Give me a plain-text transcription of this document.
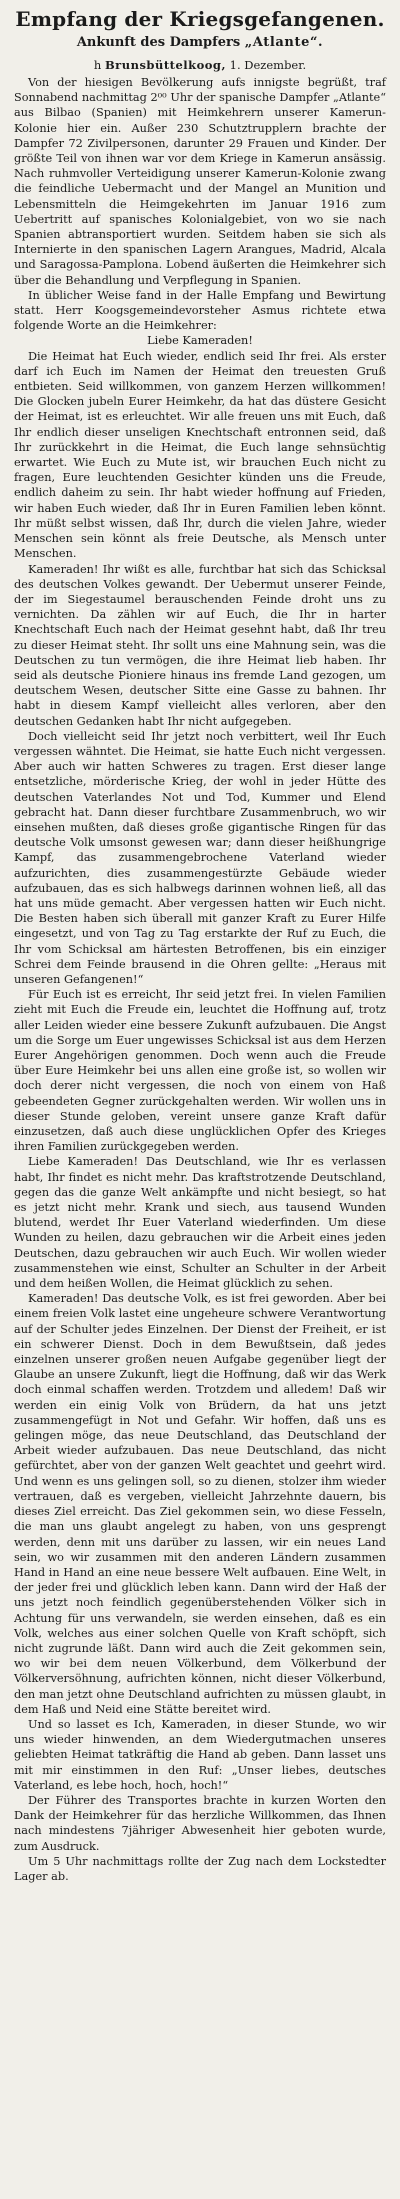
Empfang der Kriegsgefangenen.
Ankunft des Dampfers „Atlante“.
h Brunsbüttelkoog, 1. Dezember.

Von der hiesigen Bevölkerung aufs innigste begrüßt, traf Sonnabend nachmittag 2⁰⁰ Uhr der spanische Dampfer „Atlante“ aus Bilbao (Spanien) mit Heimkehrern unserer Kamerun-Kolonie hier ein. Außer 230 Schutztrupplern brachte der Dampfer 72 Zivilpersonen, darunter 29 Frauen und Kinder. Der größte Teil von ihnen war vor dem Kriege in Kamerun ansässig. Nach ruhmvoller Verteidigung unserer Kamerun-Kolonie zwang die feindliche Uebermacht und der Mangel an Munition und Lebensmitteln die Heimgekehrten im Januar 1916 zum Uebertritt auf spanisches Kolonialgebiet, von wo sie nach Spanien abtransportiert wurden. Seitdem haben sie sich als Internierte in den spanischen Lagern Arangues, Madrid, Alcala und Saragossa-Pamplona. Lobend äußerten die Heimkehrer sich über die Behandlung und Verpflegung in Spanien.

In üblicher Weise fand in der Halle Empfang und Bewirtung statt. Herr Koogsgemeindevorsteher Asmus richtete etwa folgende Worte an die Heimkehrer:

Liebe Kameraden!

Die Heimat hat Euch wieder, endlich seid Ihr frei. Als erster darf ich Euch im Namen der Heimat den treuesten Gruß entbieten. Seid willkommen, von ganzem Herzen willkommen! Die Glocken jubeln Eurer Heimkehr, da hat das düstere Gesicht der Heimat, ist es erleuchtet. Wir alle freuen uns mit Euch, daß Ihr endlich dieser unseligen Knechtschaft entronnen seid, daß Ihr zurückkehrt in die Heimat, die Euch lange sehnsüchtig erwartet. Wie Euch zu Mute ist, wir brauchen Euch nicht zu fragen, Eure leuchtenden Gesichter künden uns die Freude, endlich daheim zu sein. Ihr habt wieder hoffnung auf Frieden, wir haben Euch wieder, daß Ihr in Euren Familien leben könnt. Ihr müßt selbst wissen, daß Ihr, durch die vielen Jahre, wieder Menschen sein könnt als freie Deutsche, als Mensch unter Menschen.

Kameraden! Ihr wißt es alle, furchtbar hat sich das Schicksal des deutschen Volkes gewandt. Der Uebermut unserer Feinde, der im Siegestaumel berauschenden Feinde droht uns zu vernichten. Da zählen wir auf Euch, die Ihr in harter Knechtschaft Euch nach der Heimat gesehnt habt, daß Ihr treu zu dieser Heimat steht. Ihr sollt uns eine Mahnung sein, was die Deutschen zu tun vermögen, die ihre Heimat lieb haben. Ihr seid als deutsche Pioniere hinaus ins fremde Land gezogen, um deutschem Wesen, deutscher Sitte eine Gasse zu bahnen. Ihr habt in diesem Kampf vielleicht alles verloren, aber den deutschen Gedanken habt Ihr nicht aufgegeben.

Doch vielleicht seid Ihr jetzt noch verbittert, weil Ihr Euch vergessen wähntet. Die Heimat, sie hatte Euch nicht vergessen. Aber auch wir hatten Schweres zu tragen. Erst dieser lange entsetzliche, mörderische Krieg, der wohl in jeder Hütte des deutschen Vaterlandes Not und Tod, Kummer und Elend gebracht hat. Dann dieser furchtbare Zusammenbruch, wo wir einsehen mußten, daß dieses große gigantische Ringen für das deutsche Volk umsonst gewesen war; dann dieser heißhungrige Kampf, das zusammengebrochene Vaterland wieder aufzurichten, dies zusammengestürzte Gebäude wieder aufzubauen, das es sich halbwegs darinnen wohnen ließ, all das hat uns müde gemacht. Aber vergessen hatten wir Euch nicht. Die Besten haben sich überall mit ganzer Kraft zu Eurer Hilfe eingesetzt, und von Tag zu Tag erstarkte der Ruf zu Euch, die Ihr vom Schicksal am härtesten Betroffenen, bis ein einziger Schrei dem Feinde brausend in die Ohren gellte: „Heraus mit unseren Gefangenen!“

Für Euch ist es erreicht, Ihr seid jetzt frei. In vielen Familien zieht mit Euch die Freude ein, leuchtet die Hoffnung auf, trotz aller Leiden wieder eine bessere Zukunft aufzubauen. Die Angst um die Sorge um Euer ungewisses Schicksal ist aus dem Herzen Eurer Angehörigen genommen. Doch wenn auch die Freude über Eure Heimkehr bei uns allen eine große ist, so wollen wir doch derer nicht vergessen, die noch von einem von Haß gebeendeten Gegner zurückgehalten werden. Wir wollen uns in dieser Stunde geloben, vereint unsere ganze Kraft dafür einzusetzen, daß auch diese unglücklichen Opfer des Krieges ihren Familien zurückgegeben werden.

Liebe Kameraden! Das Deutschland, wie Ihr es verlassen habt, Ihr findet es nicht mehr. Das kraftstrotzende Deutschland, gegen das die ganze Welt ankämpfte und nicht besiegt, so hat es jetzt nicht mehr. Krank und siech, aus tausend Wunden blutend, werdet Ihr Euer Vaterland wiederfinden. Um diese Wunden zu heilen, dazu gebrauchen wir die Arbeit eines jeden Deutschen, dazu gebrauchen wir auch Euch. Wir wollen wieder zusammenstehen wie einst, Schulter an Schulter in der Arbeit und dem heißen Wollen, die Heimat glücklich zu sehen.

Kameraden! Das deutsche Volk, es ist frei geworden. Aber bei einem freien Volk lastet eine ungeheure schwere Verantwortung auf der Schulter jedes Einzelnen. Der Dienst der Freiheit, er ist ein schwerer Dienst. Doch in dem Bewußtsein, daß jedes einzelnen unserer großen neuen Aufgabe gegenüber liegt der Glaube an unsere Zukunft, liegt die Hoffnung, daß wir das Werk doch einmal schaffen werden. Trotzdem und alledem! Daß wir werden ein einig Volk von Brüdern, da hat uns jetzt zusammengefügt in Not und Gefahr. Wir hoffen, daß uns es gelingen möge, das neue Deutschland, das Deutschland der Arbeit wieder aufzubauen. Das neue Deutschland, das nicht gefürchtet, aber von der ganzen Welt geachtet und geehrt wird. Und wenn es uns gelingen soll, so zu dienen, stolzer ihm wieder vertrauen, daß es vergeben, vielleicht Jahrzehnte dauern, bis dieses Ziel erreicht. Das Ziel gekommen sein, wo diese Fesseln, die man uns glaubt angelegt zu haben, von uns gesprengt werden, denn mit uns darüber zu lassen, wir ein neues Land sein, wo wir zusammen mit den anderen Ländern zusammen Hand in Hand an eine neue bessere Welt aufbauen. Eine Welt, in der jeder frei und glücklich leben kann. Dann wird der Haß der uns jetzt noch feindlich gegenüberstehenden Völker sich in Achtung für uns verwandeln, sie werden einsehen, daß es ein Volk, welches aus einer solchen Quelle von Kraft schöpft, sich nicht zugrunde läßt. Dann wird auch die Zeit gekommen sein, wo wir bei dem neuen Völkerbund, dem Völkerbund der Völkerversöhnung, aufrichten können, nicht dieser Völkerbund, den man jetzt ohne Deutschland aufrichten zu müssen glaubt, in dem Haß und Neid eine Stätte bereitet wird.

Und so lasset es Ich, Kameraden, in dieser Stunde, wo wir uns wieder hinwenden, an dem Wiedergutmachen unseres geliebten Heimat tatkräftig die Hand ab geben. Dann lasset uns mit mir einstimmen in den Ruf: „Unser liebes, deutsches Vaterland, es lebe hoch, hoch, hoch!“

Der Führer des Transportes brachte in kurzen Worten den Dank der Heimkehrer für das herzliche Willkommen, das Ihnen nach mindestens 7jähriger Abwesenheit hier geboten wurde, zum Ausdruck.

Um 5 Uhr nachmittags rollte der Zug nach dem Lockstedter Lager ab.
